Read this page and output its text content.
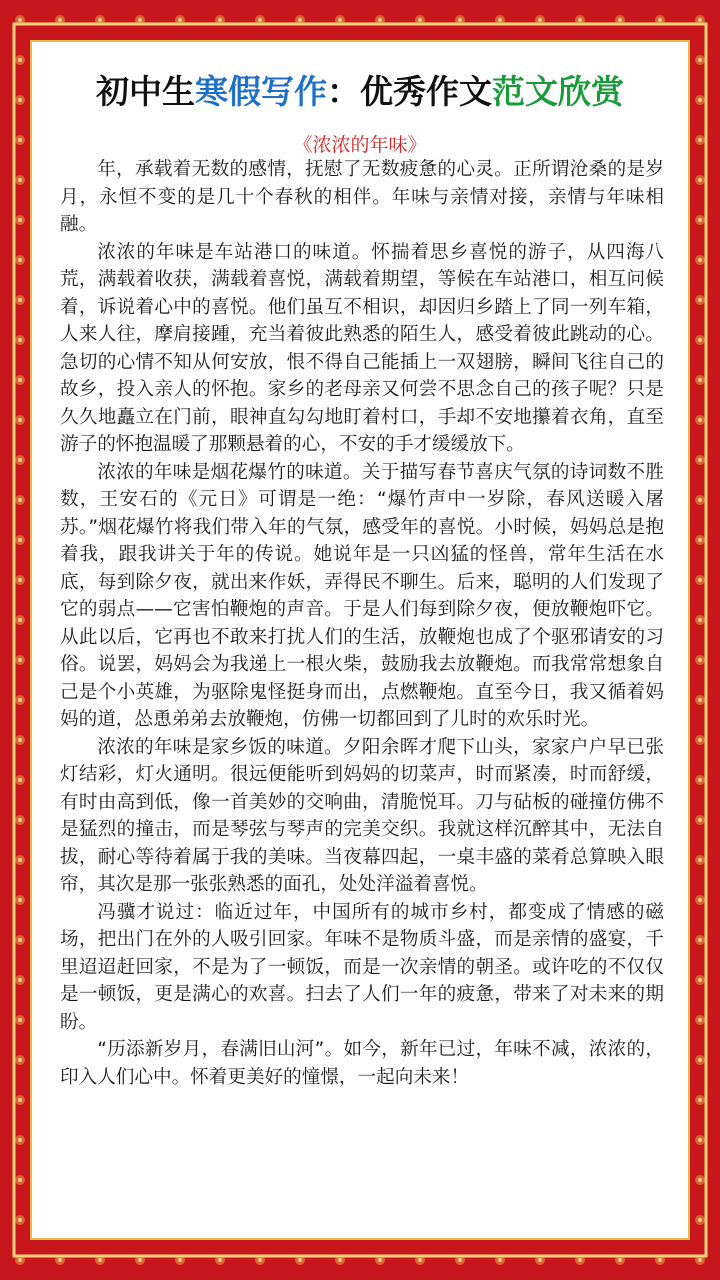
初中生寒假写作：优秀作文范文欣赏
《浓浓的年味》

年，承载着无数的感情，抚慰了无数疲惫的心灵。正所谓沧桑的是岁月，永恒不变的是几十个春秋的相伴。年味与亲情对接，亲情与年味相融。

浓浓的年味是车站港口的味道。怀揣着思乡喜悦的游子，从四海八荒，满载着收获，满载着喜悦，满载着期望，等候在车站港口，相互问候着，诉说着心中的喜悦。他们虽互不相识，却因归乡踏上了同一列车箱，人来人往，摩肩接踵，充当着彼此熟悉的陌生人，感受着彼此跳动的心。急切的心情不知从何安放，恨不得自己能插上一双翅膀，瞬间飞往自己的故乡，投入亲人的怀抱。家乡的老母亲又何尝不思念自己的孩子呢？只是久久地矗立在门前，眼神直勾勾地盯着村口，手却不安地攥着衣角，直至游子的怀抱温暖了那颗悬着的心，不安的手才缓缓放下。

浓浓的年味是烟花爆竹的味道。关于描写春节喜庆气氛的诗词数不胜数，王安石的《元日》可谓是一绝：“爆竹声中一岁除，春风送暖入屠苏。”烟花爆竹将我们带入年的气氛，感受年的喜悦。小时候，妈妈总是抱着我，跟我讲关于年的传说。她说年是一只凶猛的怪兽，常年生活在水底，每到除夕夜，就出来作妖，弄得民不聊生。后来，聪明的人们发现了它的弱点——它害怕鞭炮的声音。于是人们每到除夕夜，便放鞭炮吓它。从此以后，它再也不敢来打扰人们的生活，放鞭炮也成了个驱邪请安的习俗。说罢，妈妈会为我递上一根火柴，鼓励我去放鞭炮。而我常常想象自己是个小英雄，为驱除鬼怪挺身而出，点燃鞭炮。直至今日，我又循着妈妈的道，怂恿弟弟去放鞭炮，仿佛一切都回到了儿时的欢乐时光。

浓浓的年味是家乡饭的味道。夕阳余晖才爬下山头，家家户户早已张灯结彩，灯火通明。很远便能听到妈妈的切菜声，时而紧凑，时而舒缓，有时由高到低，像一首美妙的交响曲，清脆悦耳。刀与砧板的碰撞仿佛不是猛烈的撞击，而是琴弦与琴声的完美交织。我就这样沉醉其中，无法自拔，耐心等待着属于我的美味。当夜幕四起，一桌丰盛的菜肴总算映入眼帘，其次是那一张张熟悉的面孔，处处洋溢着喜悦。

冯骥才说过：临近过年，中国所有的城市乡村，都变成了情感的磁场，把出门在外的人吸引回家。年味不是物质斗盛，而是亲情的盛宴，千里迢迢赶回家，不是为了一顿饭，而是一次亲情的朝圣。或许吃的不仅仅是一顿饭，更是满心的欢喜。扫去了人们一年的疲惫，带来了对未来的期盼。

“历添新岁月，春满旧山河”。如今，新年已过，年味不减，浓浓的，印入人们心中。怀着更美好的憧憬，一起向未来！
